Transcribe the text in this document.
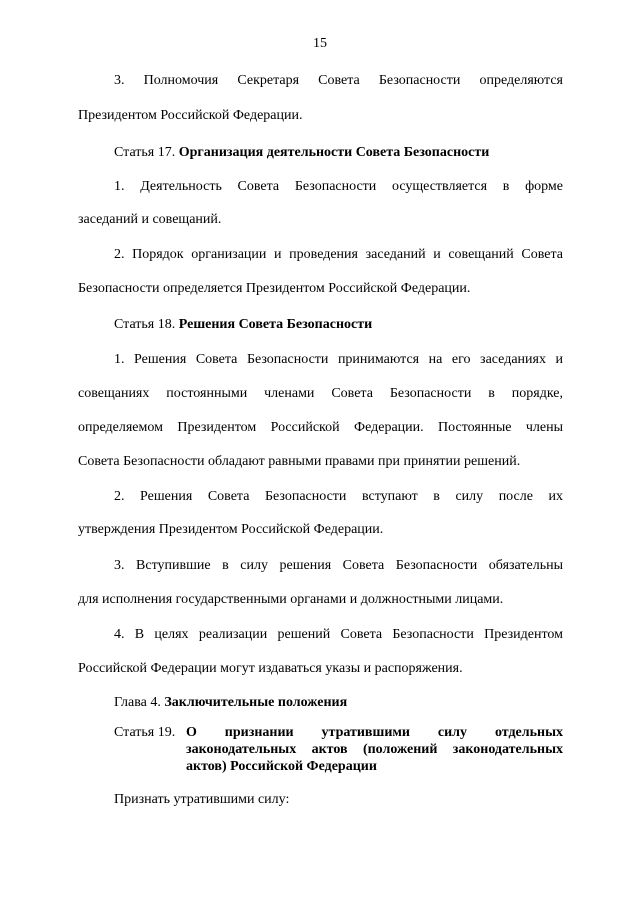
15
3. Полномочия Секретаря Совета Безопасности определяются
Президентом Российской Федерации.
Статья 17. Организация деятельности Совета Безопасности
1. Деятельность Совета Безопасности осуществляется в форме
заседаний и совещаний.
2. Порядок организации и проведения заседаний и совещаний Совета
Безопасности определяется Президентом Российской Федерации.
Статья 18. Решения Совета Безопасности
1. Решения Совета Безопасности принимаются на его заседаниях и
совещаниях постоянными членами Совета Безопасности в порядке,
определяемом Президентом Российской Федерации. Постоянные члены
Совета Безопасности обладают равными правами при принятии решений.
2. Решения Совета Безопасности вступают в силу после их
утверждения Президентом Российской Федерации.
3. Вступившие в силу решения Совета Безопасности обязательны
для исполнения государственными органами и должностными лицами.
4. В целях реализации решений Совета Безопасности Президентом
Российской Федерации могут издаваться указы и распоряжения.
Глава 4. Заключительные положения
Статья 19. О признании утратившими силу отдельных
законодательных актов (положений законодательных
актов) Российской Федерации
Признать утратившими силу:
